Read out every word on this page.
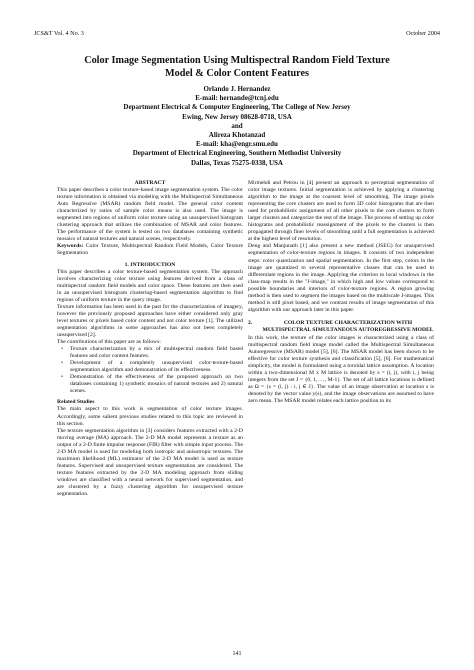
JCS&T Vol. 4 No. 3	October 2004
Color Image Segmentation Using Multispectral Random Field Texture
Model & Color Content Features
Orlando J. Hernandez
E-mail: hernande@tcnj.edu
Department Electrical & Computer Engineering, The College of New Jersey
Ewing, New Jersey 08628-0718, USA
and
Alireza Khotanzad
E-mail: kha@engr.smu.edu
Department of Electrical Engineering, Southern Methodist University
Dallas, Texas 75275-0338, USA

ABSTRACT

This paper describes a color texture-based image segmentation system. The color texture information is obtained via modeling with the Multispectral Simultaneous Auto Regressive (MSAR) random field model. The general color content characterized by ratios of sample color means is also used. The image is segmented into regions of uniform color texture using an unsupervised histogram clustering approach that utilizes the combination of MSAR and color features. The performance of the system is tested on two databases containing synthetic mosaics of natural textures and natural scenes, respectively.

Keywords: Color Texture, Multispectral Random Field Models, Color Texture Segmentation

1. INTRODUCTION

This paper describes a color texture-based segmentation system. The approach involves characterizing color texture using features derived from a class of multispectral random field models and color space. These features are then used in an unsupervised histogram clustering-based segmentation algorithm to find regions of uniform texture in the query image.

Texture information has been used in the past for the characterization of imagery, however the previously proposed approaches have either considered only gray level textures or pixels based color content and not color texture [1]. The utilized segmentation algorithms in some approaches has also not been completely unsupervised [2].

The contributions of this paper are as follows:

• Texture characterization by a mix of multispectral random field based features and color content features.
• Development of a completely unsupervised color-texture-based segmentation algorithm and demonstration of its effectiveness.
• Demonstration of the effectiveness of the proposed approach on two databases containing 1) synthetic mosaics of natural textures and 2) natural scenes.

Related Studies

The main aspect to this work is segmentation of color texture images. Accordingly, some salient previous studies related to this topic are reviewed in this section.

The texture segmentation algorithm in [3] considers features extracted with a 2-D moving average (MA) approach. The 2-D MA model represents a texture as an output of a 2-D finite impulse response (FIR) filter with simple input process. The 2-D MA model is used for modeling both isotropic and anisotropic textures. The maximum likelihood (ML) estimator of the 2-D MA model is used as texture features. Supervised and unsupervised texture segmentation are considered. The texture features extracted by the 2-D MA modeling approach from sliding windows are classified with a neural network for supervised segmentation, and are clustered by a fuzzy clustering algorithm for unsupervised texture segmentation.

Mirmehdi and Petrou in [4] present an approach to perceptual segmentation of color image textures. Initial segmentation is achieved by applying a clustering algorithm to the image at the coarsest level of smoothing. The image pixels representing the core clusters are used to form 3D color histograms that are then used for probabilistic assignment of all other pixels to the core clusters to form larger clusters and categorize the rest of the image. The process of setting up color histograms and probabilistic reassignment of the pixels to the clusters is then propagated through finer levels of smoothing until a full segmentation is achieved at the highest level of resolution.

Deng and Manjunath [1] also present a new method (JSEG) for unsupervised segmentation of color-texture regions in images. It consists of two independent steps: color quantization and spatial segmentation. In the first step, colors in the image are quantized to several representative classes that can be used to differentiate regions in the image. Applying the criterion to local windows in the class-map results in the "J-image," in which high and low values correspond to possible boundaries and interiors of color-texture regions. A region growing method is then used to segment the images based on the multiscale J-images. This method is still pixel based, and we contrast results of image segmentation of this algorithm with our approach later in this paper.

2.	COLOR TEXTURE CHARACTERIZATION WITH MULTISPECTRAL SIMULTANEOUS AUTOREGRESSIVE MODEL

In this work, the texture of the color images is characterized using a class of multispectral random field image model called the Multispectral Simultaneous Autoregressive (MSAR) model [5], [6]. The MSAR model has been shown to be effective for color texture synthesis and classification [5], [6]. For mathematical simplicity, the model is formulated using a toroidal lattice assumption. A location within a two-dimensional M x M lattice is denoted by s = (i, j), with i, j being integers from the set J = {0, 1, …, M-1}. The set of all lattice locations is defined as Ω = {s = (i, j) : i, j ∈ J}. The value of an image observation at location s is denoted by the vector value y(s), and the image observations are assumed to have zero mean. The MSAR model relates each lattice position to its

141
